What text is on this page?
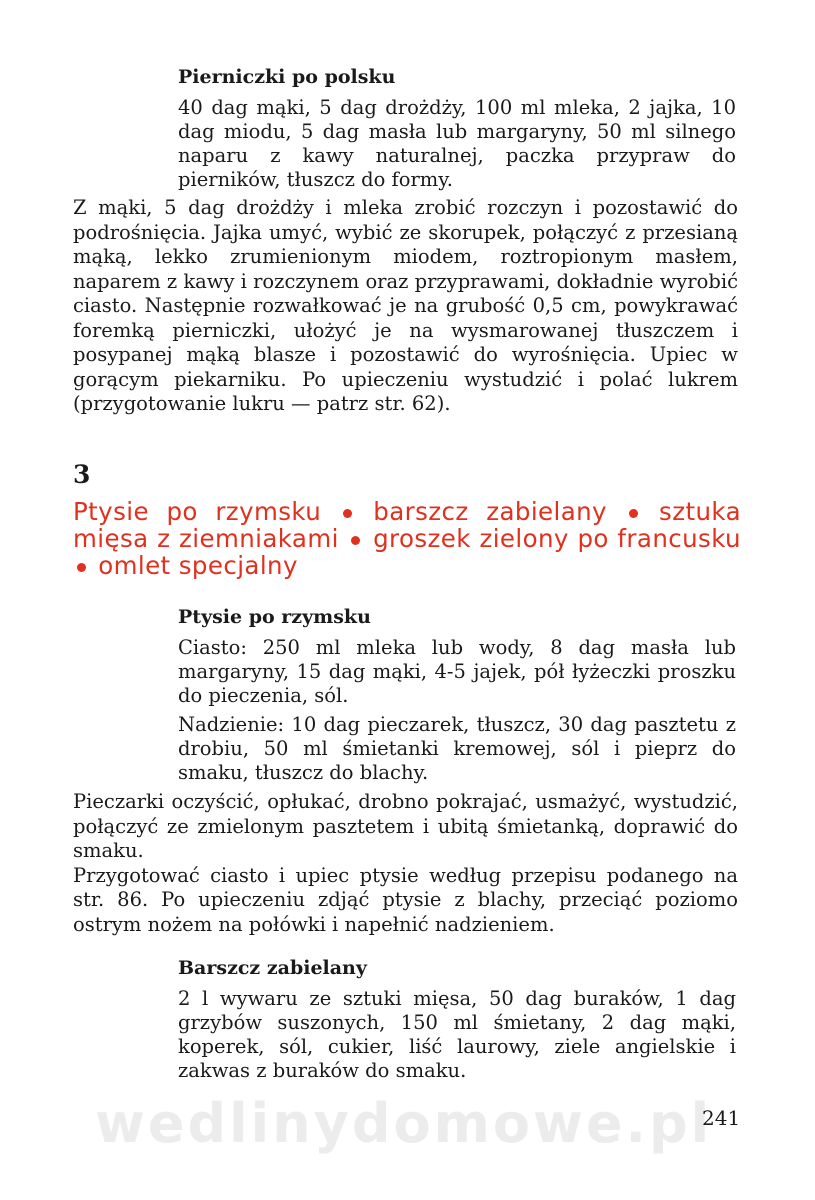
Pierniczki po polsku

40 dag mąki, 5 dag drożdży, 100 ml mleka, 2 jajka, 10 dag miodu, 5 dag masła lub margaryny, 50 ml silnego naparu z kawy naturalnej, paczka przypraw do pierników, tłuszcz do formy.

Z mąki, 5 dag drożdży i mleka zrobić rozczyn i pozostawić do podrośnięcia. Jajka umyć, wybić ze skorupek, połączyć z przesianą mąką, lekko zrumienionym miodem, roztropionym masłem, naparem z kawy i rozczynem oraz przyprawami, dokładnie wyrobić ciasto. Następnie rozwałkować je na grubość 0,5 cm, powykrawać foremką pierniczki, ułożyć je na wysmarowanej tłuszczem i posypanej mąką blasze i pozostawić do wyrośnięcia. Upiec w gorącym piekarniku. Po upieczeniu wystudzić i polać lukrem (przygotowanie lukru — patrz str. 62).

3
Ptysie po rzymsku barszcz zabielany sztuka mięsa z ziemniakami groszek zielony po francusku  omlet specjalny
Ptysie po rzymsku

Ciasto: 250 ml mleka lub wody, 8 dag masła lub margaryny, 15 dag mąki, 4-5 jajek, pół łyżeczki proszku do pieczenia, sól.

Nadzienie: 10 dag pieczarek, tłuszcz, 30 dag pasztetu z drobiu, 50 ml śmietanki kremowej, sól i pieprz do smaku, tłuszcz do blachy.

Pieczarki oczyścić, opłukać, drobno pokrajać, usmażyć, wystudzić, połączyć ze zmielonym pasztetem i ubitą śmietanką, doprawić do smaku.

Przygotować ciasto i upiec ptysie według przepisu podanego na str. 86. Po upieczeniu zdjąć ptysie z blachy, przeciąć poziomo ostrym nożem na połówki i napełnić nadzieniem.

Barszcz zabielany

2 l wywaru ze sztuki mięsa, 50 dag buraków, 1 dag grzybów suszonych, 150 ml śmietany, 2 dag mąki, koperek, sól, cukier, liść laurowy, ziele angielskie i zakwas z buraków do smaku.

wedlinydomowe.pl
241
